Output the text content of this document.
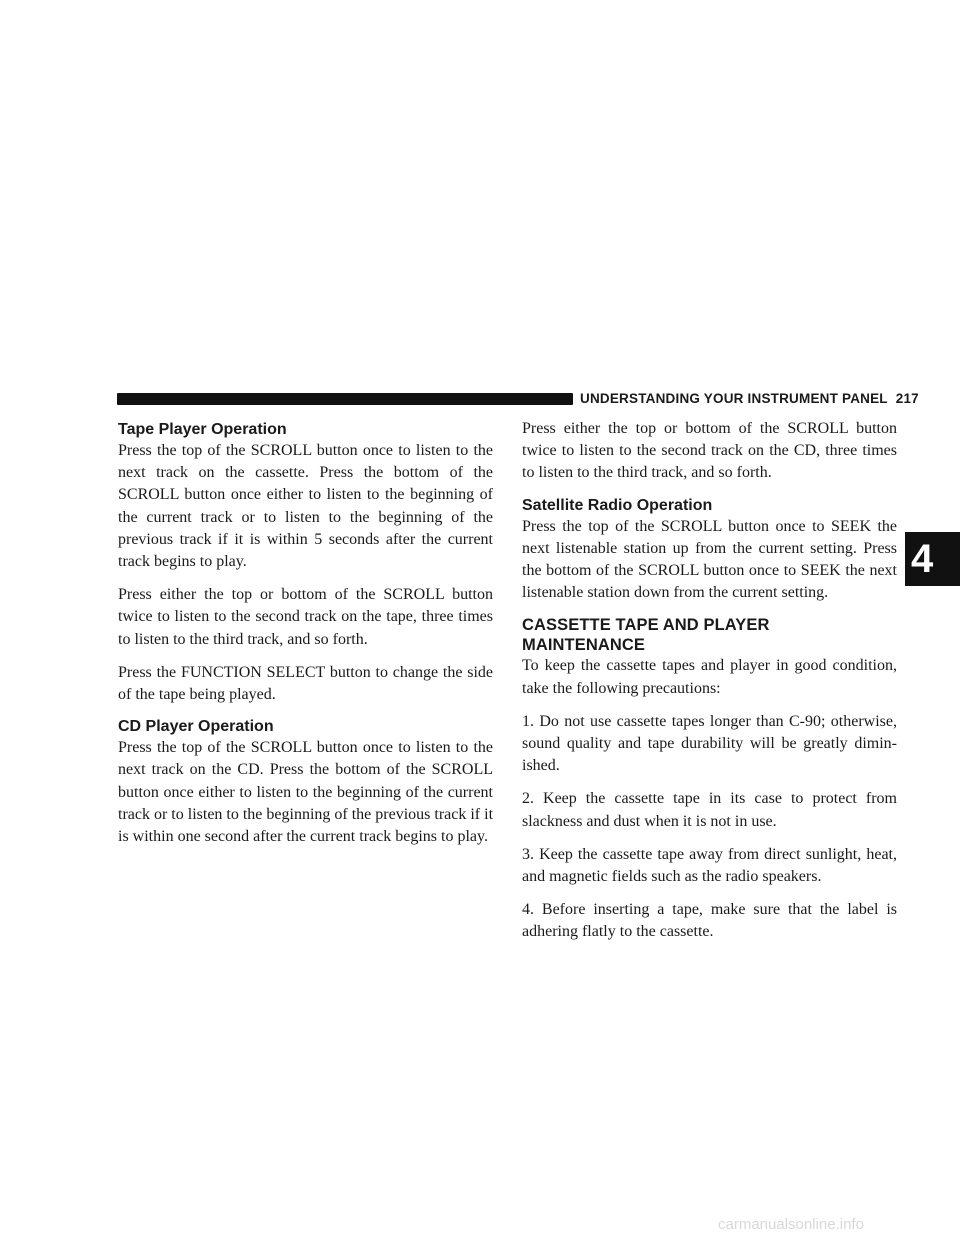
UNDERSTANDING YOUR INSTRUMENT PANEL 217
4
Tape Player Operation

Press the top of the SCROLL button once to listen to the next track on the cassette. Press the bottom of the SCROLL button once either to listen to the beginning of the current track or to listen to the beginning of the previous track if it is within 5 seconds after the current track begins to play.

Press either the top or bottom of the SCROLL button twice to listen to the second track on the tape, three times to listen to the third track, and so forth.

Press the FUNCTION SELECT button to change the side of the tape being played.

CD Player Operation

Press the top of the SCROLL button once to listen to the next track on the CD. Press the bottom of the SCROLL button once either to listen to the beginning of the current track or to listen to the beginning of the previous track if it is within one second after the current track begins to play.

Press either the top or bottom of the SCROLL button twice to listen to the second track on the CD, three times to listen to the third track, and so forth.

Satellite Radio Operation

Press the top of the SCROLL button once to SEEK the next listenable station up from the current setting. Press the bottom of the SCROLL button once to SEEK the next listenable station down from the current setting.

CASSETTE TAPE AND PLAYER MAINTENANCE

To keep the cassette tapes and player in good condition, take the following precautions:

1. Do not use cassette tapes longer than C-90; otherwise, sound quality and tape durability will be greatly dimin-ished.

2. Keep the cassette tape in its case to protect from slackness and dust when it is not in use.

3. Keep the cassette tape away from direct sunlight, heat, and magnetic fields such as the radio speakers.

4. Before inserting a tape, make sure that the label is adhering flatly to the cassette.

carmanualsonline.info
